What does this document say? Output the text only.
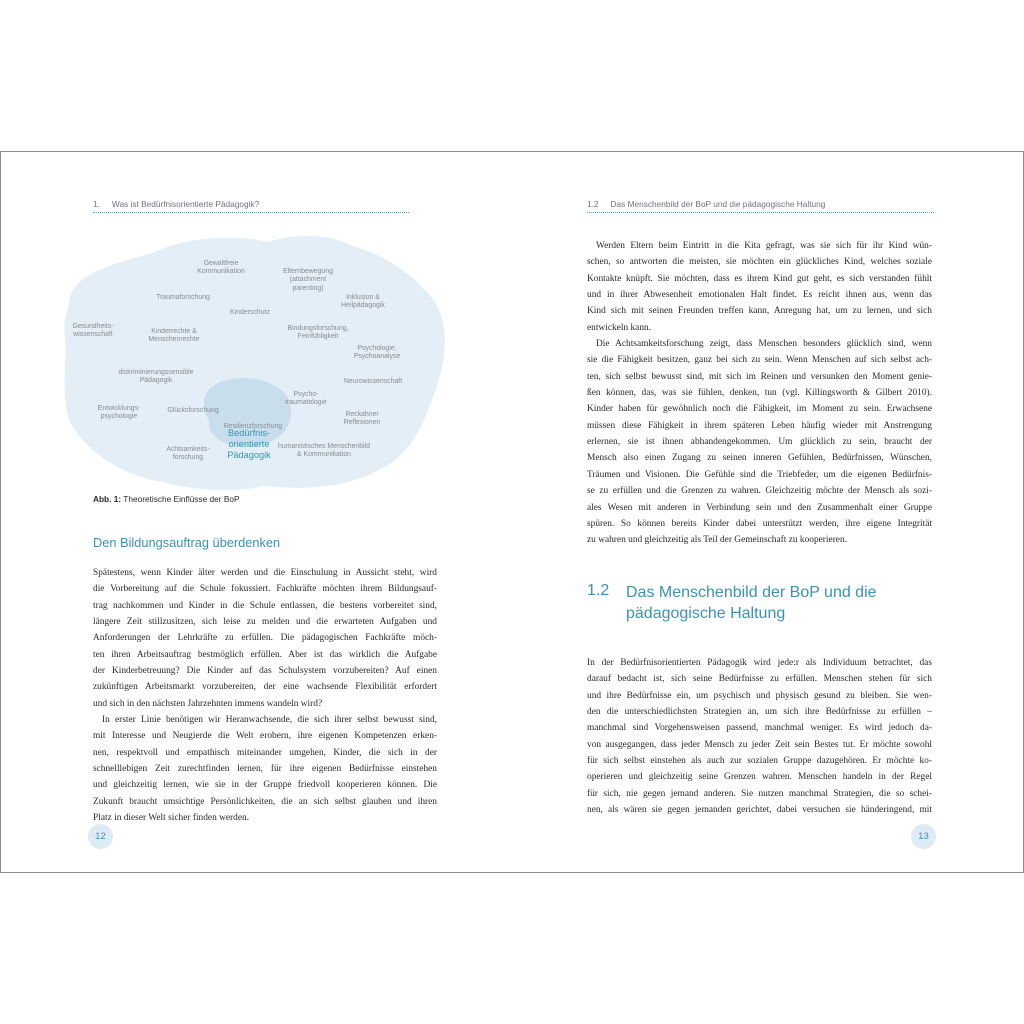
1. Was ist Bedürfnisorientierte Pädagogik?
Bedürfnis-
orientierte
Pädagogik
Gewaltfreie
Kommunikation	Elternbewegung
(attachment
parenting)
Traumaforschung	Inklusion &
Heilpädagogik
Kinderschutz
Gesundheits-
wissenschaft	Kinderrechte &
Menschenrechte
Bindungsforschung,
Feinfühligkeit
Psychologie,
Psychoanalyse
diskriminierungssensible
Pädagogik	Neurowissenschaft
Psycho-
traumatologie
Entwicklungs-
psychologie
Glücksforschung
Reckahner
Reflexionen
Resilienzforschung
Achtsamkeits-
forschung
humanistisches Menschenbild
& Kommunikation
Abb. 1: Theoretische Einflüsse der BoP
Den Bildungsauftrag überdenken
Spätestens, wenn Kinder älter werden und die Einschulung in Aussicht steht, wird
die Vorbereitung auf die Schule fokussiert. Fachkräfte möchten ihrem Bildungsauf-
trag nachkommen und Kinder in die Schule entlassen, die bestens vorbereitet sind,
längere Zeit stillzusitzen, sich leise zu melden und die erwarteten Aufgaben und
Anforderungen der Lehrkräfte zu erfüllen. Die pädagogischen Fachkräfte möch-
ten ihren Arbeitsauftrag bestmöglich erfüllen. Aber ist das wirklich die Aufgabe
der Kinderbetreuung? Die Kinder auf das Schulsystem vorzubereiten? Auf einen
zukünftigen Arbeitsmarkt vorzubereiten, der eine wachsende Flexibilität erfordert
und sich in den nächsten Jahrzehnten immens wandeln wird?
In erster Linie benötigen wir Heranwachsende, die sich ihrer selbst bewusst sind,
mit Interesse und Neugierde die Welt erobern, ihre eigenen Kompetenzen erken-
nen, respektvoll und empathisch miteinander umgehen, Kinder, die sich in der
schnelllebigen Zeit zurechtfinden lernen, für ihre eigenen Bedürfnisse einstehen
und gleichzeitig lernen, wie sie in der Gruppe friedvoll kooperieren können. Die
Zukunft braucht umsichtige Persönlichkeiten, die an sich selbst glauben und ihren
Platz in dieser Welt sicher finden werden.
12
1.2 Das Menschenbild der BoP und die pädagogische Haltung
Werden Eltern beim Eintritt in die Kita gefragt, was sie sich für ihr Kind wün-
schen, so antworten die meisten, sie möchten ein glückliches Kind, welches soziale
Kontakte knüpft. Sie möchten, dass es ihrem Kind gut geht, es sich verstanden fühlt
und in ihrer Abwesenheit emotionalen Halt findet. Es reicht ihnen aus, wenn das
Kind sich mit seinen Freunden treffen kann, Anregung hat, um zu lernen, und sich
entwickeln kann.
Die Achtsamkeitsforschung zeigt, dass Menschen besonders glücklich sind, wenn
sie die Fähigkeit besitzen, ganz bei sich zu sein. Wenn Menschen auf sich selbst ach-
ten, sich selbst bewusst sind, mit sich im Reinen und versunken den Moment genie-
ßen können, das, was sie fühlen, denken, tun (vgl. Killingsworth & Gilbert 2010).
Kinder haben für gewöhnlich noch die Fähigkeit, im Moment zu sein. Erwachsene
müssen diese Fähigkeit in ihrem späteren Leben häufig wieder mit Anstrengung
erlernen, sie ist ihnen abhandengekommen. Um glücklich zu sein, braucht der
Mensch also einen Zugang zu seinen inneren Gefühlen, Bedürfnissen, Wünschen,
Träumen und Visionen. Die Gefühle sind die Triebfeder, um die eigenen Bedürfnis-
se zu erfüllen und die Grenzen zu wahren. Gleichzeitig möchte der Mensch als sozi-
ales Wesen mit anderen in Verbindung sein und den Zusammenhalt einer Gruppe
spüren. So können bereits Kinder dabei unterstützt werden, ihre eigene Integrität
zu wahren und gleichzeitig als Teil der Gemeinschaft zu kooperieren.
1.2 Das Menschenbild der BoP und die
pädagogische Haltung
In der Bedürfnisorientierten Pädagogik wird jede:r als Individuum betrachtet, das
darauf bedacht ist, sich seine Bedürfnisse zu erfüllen. Menschen stehen für sich
und ihre Bedürfnisse ein, um psychisch und physisch gesund zu bleiben. Sie wen-
den die unterschiedlichsten Strategien an, um sich ihre Bedürfnisse zu erfüllen –
manchmal sind Vorgehensweisen passend, manchmal weniger. Es wird jedoch da-
von ausgegangen, dass jeder Mensch zu jeder Zeit sein Bestes tut. Er möchte sowohl
für sich selbst einstehen als auch zur sozialen Gruppe dazugehören. Er möchte ko-
operieren und gleichzeitig seine Grenzen wahren. Menschen handeln in der Regel
für sich, nie gegen jemand anderen. Sie nutzen manchmal Strategien, die so schei-
nen, als wären sie gegen jemanden gerichtet, dabei versuchen sie händeringend, mit
13
